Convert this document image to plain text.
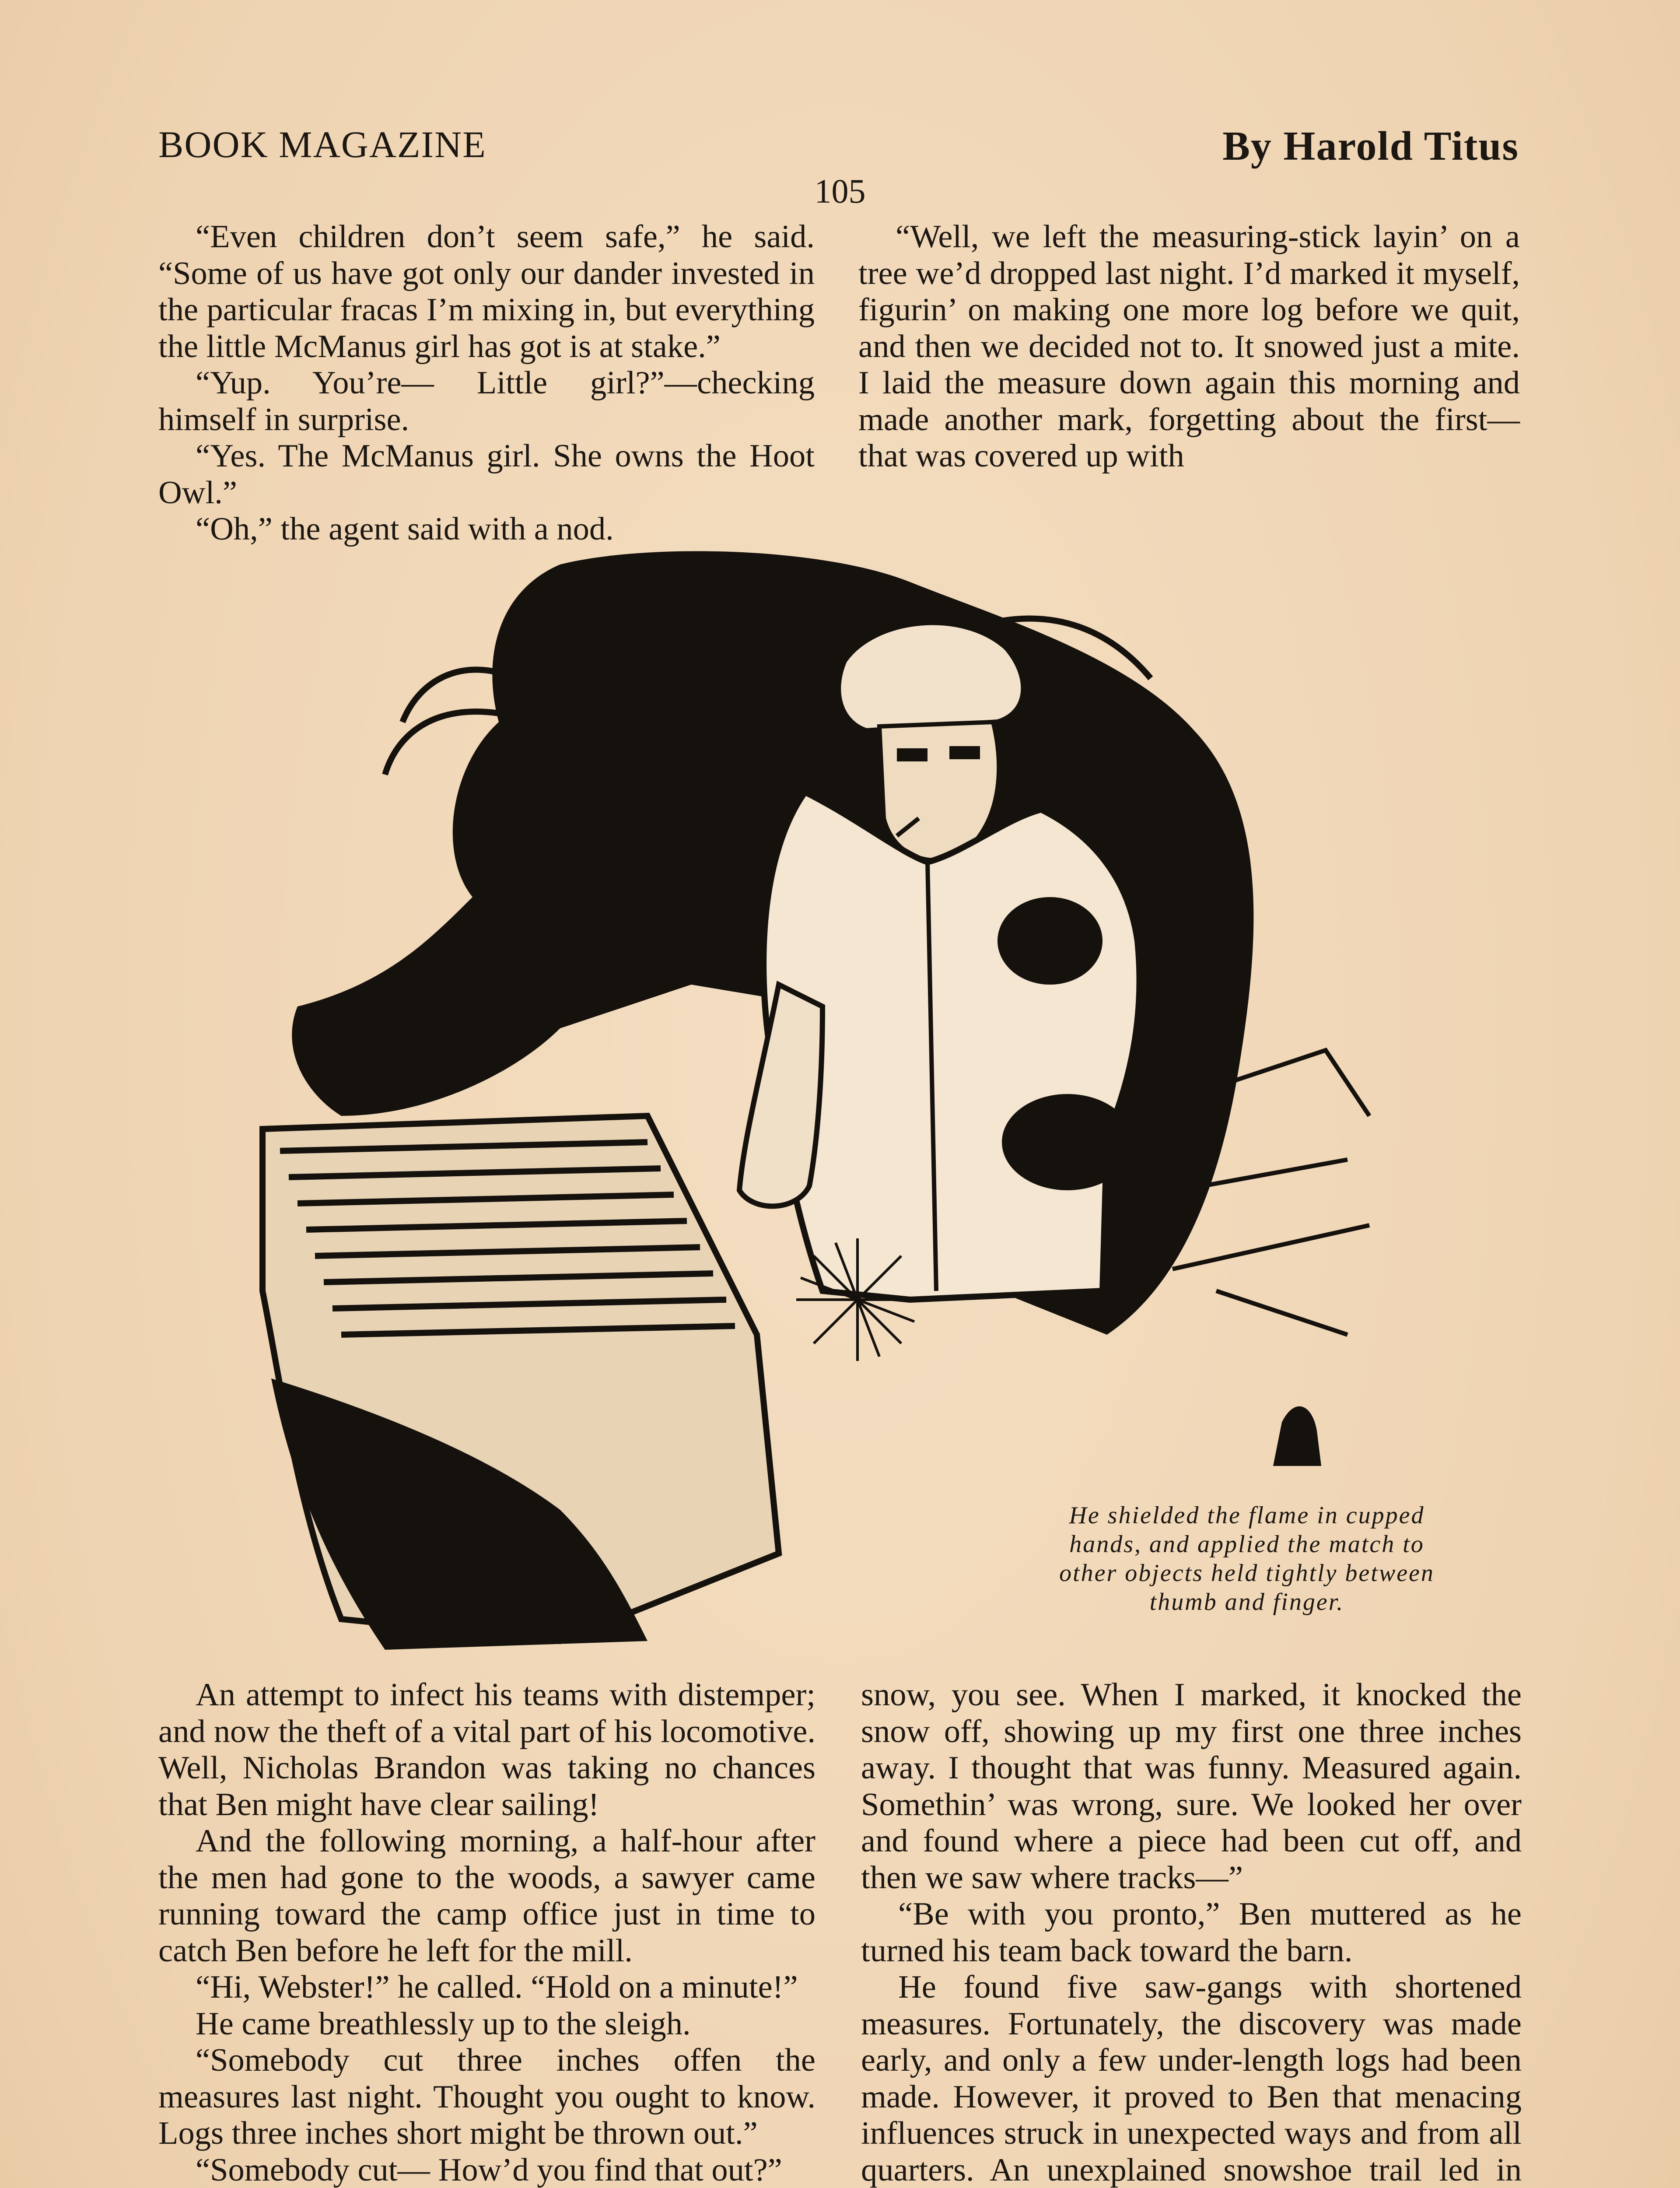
BOOK MAGAZINE	By Harold Titus
105

“Even children don’t seem safe,” he said. “Some of us have got only our dander invested in the particular fracas I’m mixing in, but everything the little McManus girl has got is at stake.”

“Yup. You’re— Little girl?”—checking himself in surprise.

“Yes. The McManus girl. She owns the Hoot Owl.”

“Oh,” the agent said with a nod.

“Well, we left the measuring-stick layin’ on a tree we’d dropped last night. I’d marked it myself, figurin’ on making one more log before we quit, and then we decided not to. It snowed just a mite. I laid the measure down again this morning and made another mark, forgetting about the first—that was covered up with

He shielded the flame in cupped hands, and applied the match to other objects held tightly between thumb and finger.

An attempt to infect his teams with distemper; and now the theft of a vital part of his locomotive. Well, Nicholas Brandon was taking no chances that Ben might have clear sailing!

And the following morning, a half-hour after the men had gone to the woods, a sawyer came running toward the camp office just in time to catch Ben before he left for the mill.

“Hi, Webster!” he called. “Hold on a minute!”

He came breathlessly up to the sleigh.

“Somebody cut three inches offen the measures last night. Thought you ought to know. Logs three inches short might be thrown out.”

“Somebody cut— How’d you find that out?”

snow, you see. When I marked, it knocked the snow off, showing up my first one three inches away. I thought that was funny. Measured again. Somethin’ was wrong, sure. We looked her over and found where a piece had been cut off, and then we saw where tracks—”

“Be with you pronto,” Ben muttered as he turned his team back toward the barn.

He found five saw-gangs with shortened measures. Fortunately, the discovery was made early, and only a few under-length logs had been made. However, it proved to Ben that menacing influences struck in unexpected ways and from all quarters. An unexplained snowshoe trail led in
